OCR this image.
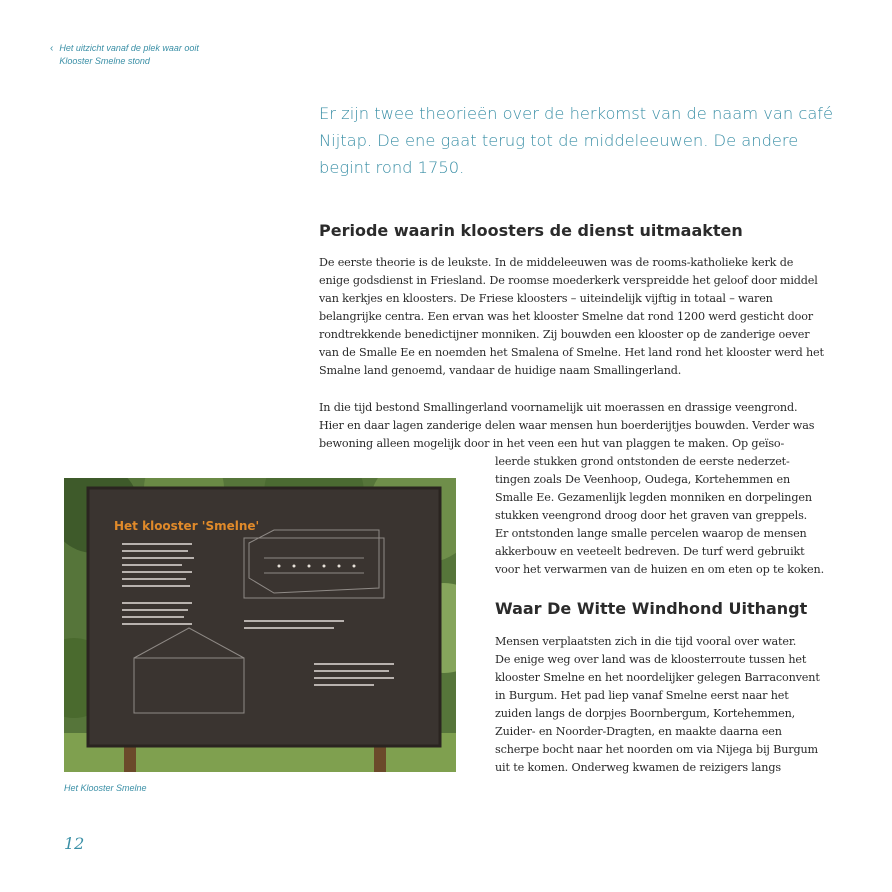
‹ Het uitzicht vanaf de plek waar ooit
Klooster Smelne stond

Er zijn twee theorieën over de herkomst van de naam van café
Nijtap. De ene gaat terug tot de middeleeuwen. De andere
begint rond 1750.

Periode waarin kloosters de dienst uitmaakten

De eerste theorie is de leukste. In de middeleeuwen was de rooms-katholieke kerk de
enige godsdienst in Friesland. De roomse moederkerk verspreidde het geloof door middel
van kerkjes en kloosters. De Friese kloosters – uiteindelijk vijftig in totaal – waren
belangrijke centra. Een ervan was het klooster Smelne dat rond 1200 werd gesticht door
rondtrekkende benedictijner monniken. Zij bouwden een klooster op de zanderige oever
van de Smalle Ee en noemden het Smalena of Smelne. Het land rond het klooster werd het
Smalne land genoemd, vandaar de huidige naam Smallingerland.

In die tijd bestond Smallingerland voornamelijk uit moerassen en drassige veengrond.
Hier en daar lagen zanderige delen waar mensen hun boerderijtjes bouwden. Verder was
bewoning alleen mogelijk door in het veen een hut van plaggen te maken. Op geïso-

leerde stukken grond ontstonden de eerste nederzet-
tingen zoals De Veenhoop, Oudega, Kortehemmen en
Smalle Ee. Gezamenlijk legden monniken en dorpelingen
stukken veengrond droog door het graven van greppels.
Er ontstonden lange smalle percelen waarop de mensen
akkerbouw en veeteelt bedreven. De turf werd gebruikt
voor het verwarmen van de huizen en om eten op te koken.

Het klooster 'Smelne'
Het Klooster Smelne
Waar De Witte Windhond Uithangt

Mensen verplaatsten zich in die tijd vooral over water.
De enige weg over land was de kloosterroute tussen het
klooster Smelne en het noordelijker gelegen Barraconvent
in Burgum. Het pad liep vanaf Smelne eerst naar het
zuiden langs de dorpjes Boornbergum, Kortehemmen,
Zuider- en Noorder-Dragten, en maakte daarna een
scherpe bocht naar het noorden om via Nijega bij Burgum
uit te komen. Onderweg kwamen de reizigers langs

12
